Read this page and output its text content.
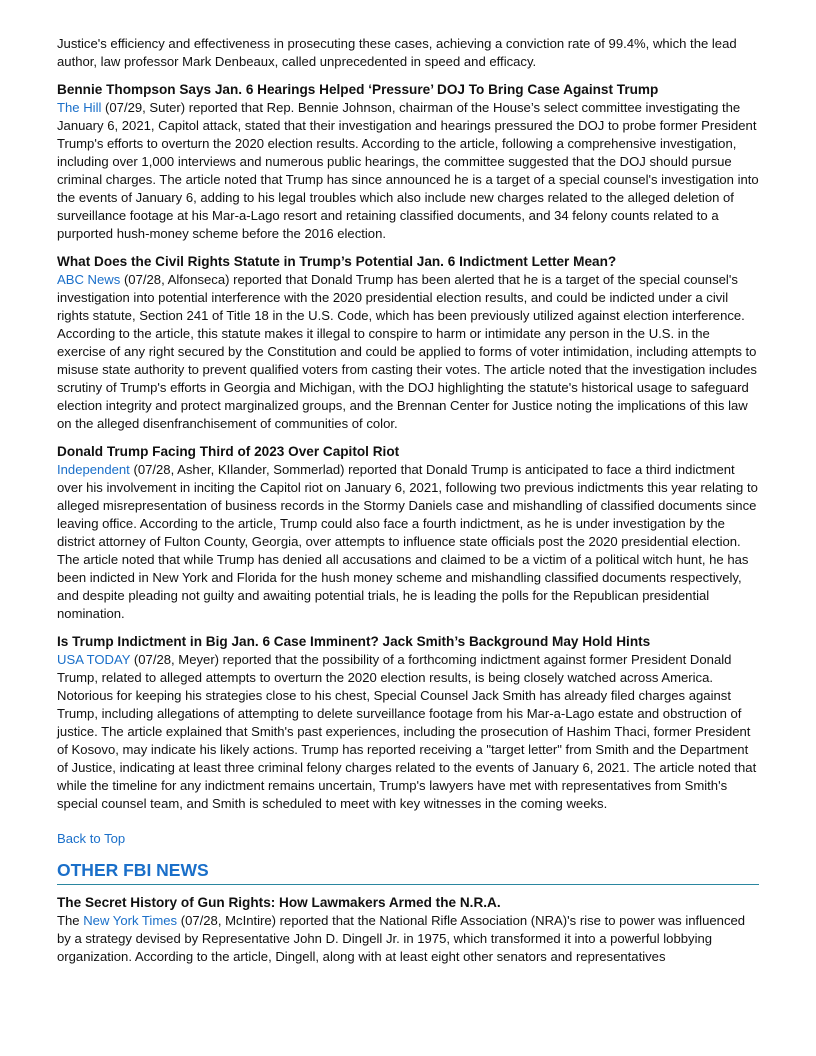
Justice's efficiency and effectiveness in prosecuting these cases, achieving a conviction rate of 99.4%, which the lead author, law professor Mark Denbeaux, called unprecedented in speed and efficacy.

Bennie Thompson Says Jan. 6 Hearings Helped ‘Pressure’ DOJ To Bring Case Against Trump

The Hill (07/29, Suter) reported that Rep. Bennie Johnson, chairman of the House’s select committee investigating the January 6, 2021, Capitol attack, stated that their investigation and hearings pressured the DOJ to probe former President Trump's efforts to overturn the 2020 election results. According to the article, following a comprehensive investigation, including over 1,000 interviews and numerous public hearings, the committee suggested that the DOJ should pursue criminal charges. The article noted that Trump has since announced he is a target of a special counsel's investigation into the events of January 6, adding to his legal troubles which also include new charges related to the alleged deletion of surveillance footage at his Mar-a-Lago resort and retaining classified documents, and 34 felony counts related to a purported hush-money scheme before the 2016 election.

What Does the Civil Rights Statute in Trump’s Potential Jan. 6 Indictment Letter Mean?

ABC News (07/28, Alfonseca) reported that Donald Trump has been alerted that he is a target of the special counsel's investigation into potential interference with the 2020 presidential election results, and could be indicted under a civil rights statute, Section 241 of Title 18 in the U.S. Code, which has been previously utilized against election interference. According to the article, this statute makes it illegal to conspire to harm or intimidate any person in the U.S. in the exercise of any right secured by the Constitution and could be applied to forms of voter intimidation, including attempts to misuse state authority to prevent qualified voters from casting their votes. The article noted that the investigation includes scrutiny of Trump's efforts in Georgia and Michigan, with the DOJ highlighting the statute's historical usage to safeguard election integrity and protect marginalized groups, and the Brennan Center for Justice noting the implications of this law on the alleged disenfranchisement of communities of color.

Donald Trump Facing Third of 2023 Over Capitol Riot

Independent (07/28, Asher, KIlander, Sommerlad) reported that Donald Trump is anticipated to face a third indictment over his involvement in inciting the Capitol riot on January 6, 2021, following two previous indictments this year relating to alleged misrepresentation of business records in the Stormy Daniels case and mishandling of classified documents since leaving office. According to the article, Trump could also face a fourth indictment, as he is under investigation by the district attorney of Fulton County, Georgia, over attempts to influence state officials post the 2020 presidential election. The article noted that while Trump has denied all accusations and claimed to be a victim of a political witch hunt, he has been indicted in New York and Florida for the hush money scheme and mishandling classified documents respectively, and despite pleading not guilty and awaiting potential trials, he is leading the polls for the Republican presidential nomination.

Is Trump Indictment in Big Jan. 6 Case Imminent? Jack Smith’s Background May Hold Hints

USA TODAY (07/28, Meyer) reported that the possibility of a forthcoming indictment against former President Donald Trump, related to alleged attempts to overturn the 2020 election results, is being closely watched across America. Notorious for keeping his strategies close to his chest, Special Counsel Jack Smith has already filed charges against Trump, including allegations of attempting to delete surveillance footage from his Mar-a-Lago estate and obstruction of justice. The article explained that Smith's past experiences, including the prosecution of Hashim Thaci, former President of Kosovo, may indicate his likely actions. Trump has reported receiving a "target letter" from Smith and the Department of Justice, indicating at least three criminal felony charges related to the events of January 6, 2021. The article noted that while the timeline for any indictment remains uncertain, Trump's lawyers have met with representatives from Smith's special counsel team, and Smith is scheduled to meet with key witnesses in the coming weeks.

Back to Top
OTHER FBI NEWS

The Secret History of Gun Rights: How Lawmakers Armed the N.R.A.

The New York Times (07/28, McIntire) reported that the National Rifle Association (NRA)'s rise to power was influenced by a strategy devised by Representative John D. Dingell Jr. in 1975, which transformed it into a powerful lobbying organization. According to the article, Dingell, along with at least eight other senators and representatives
